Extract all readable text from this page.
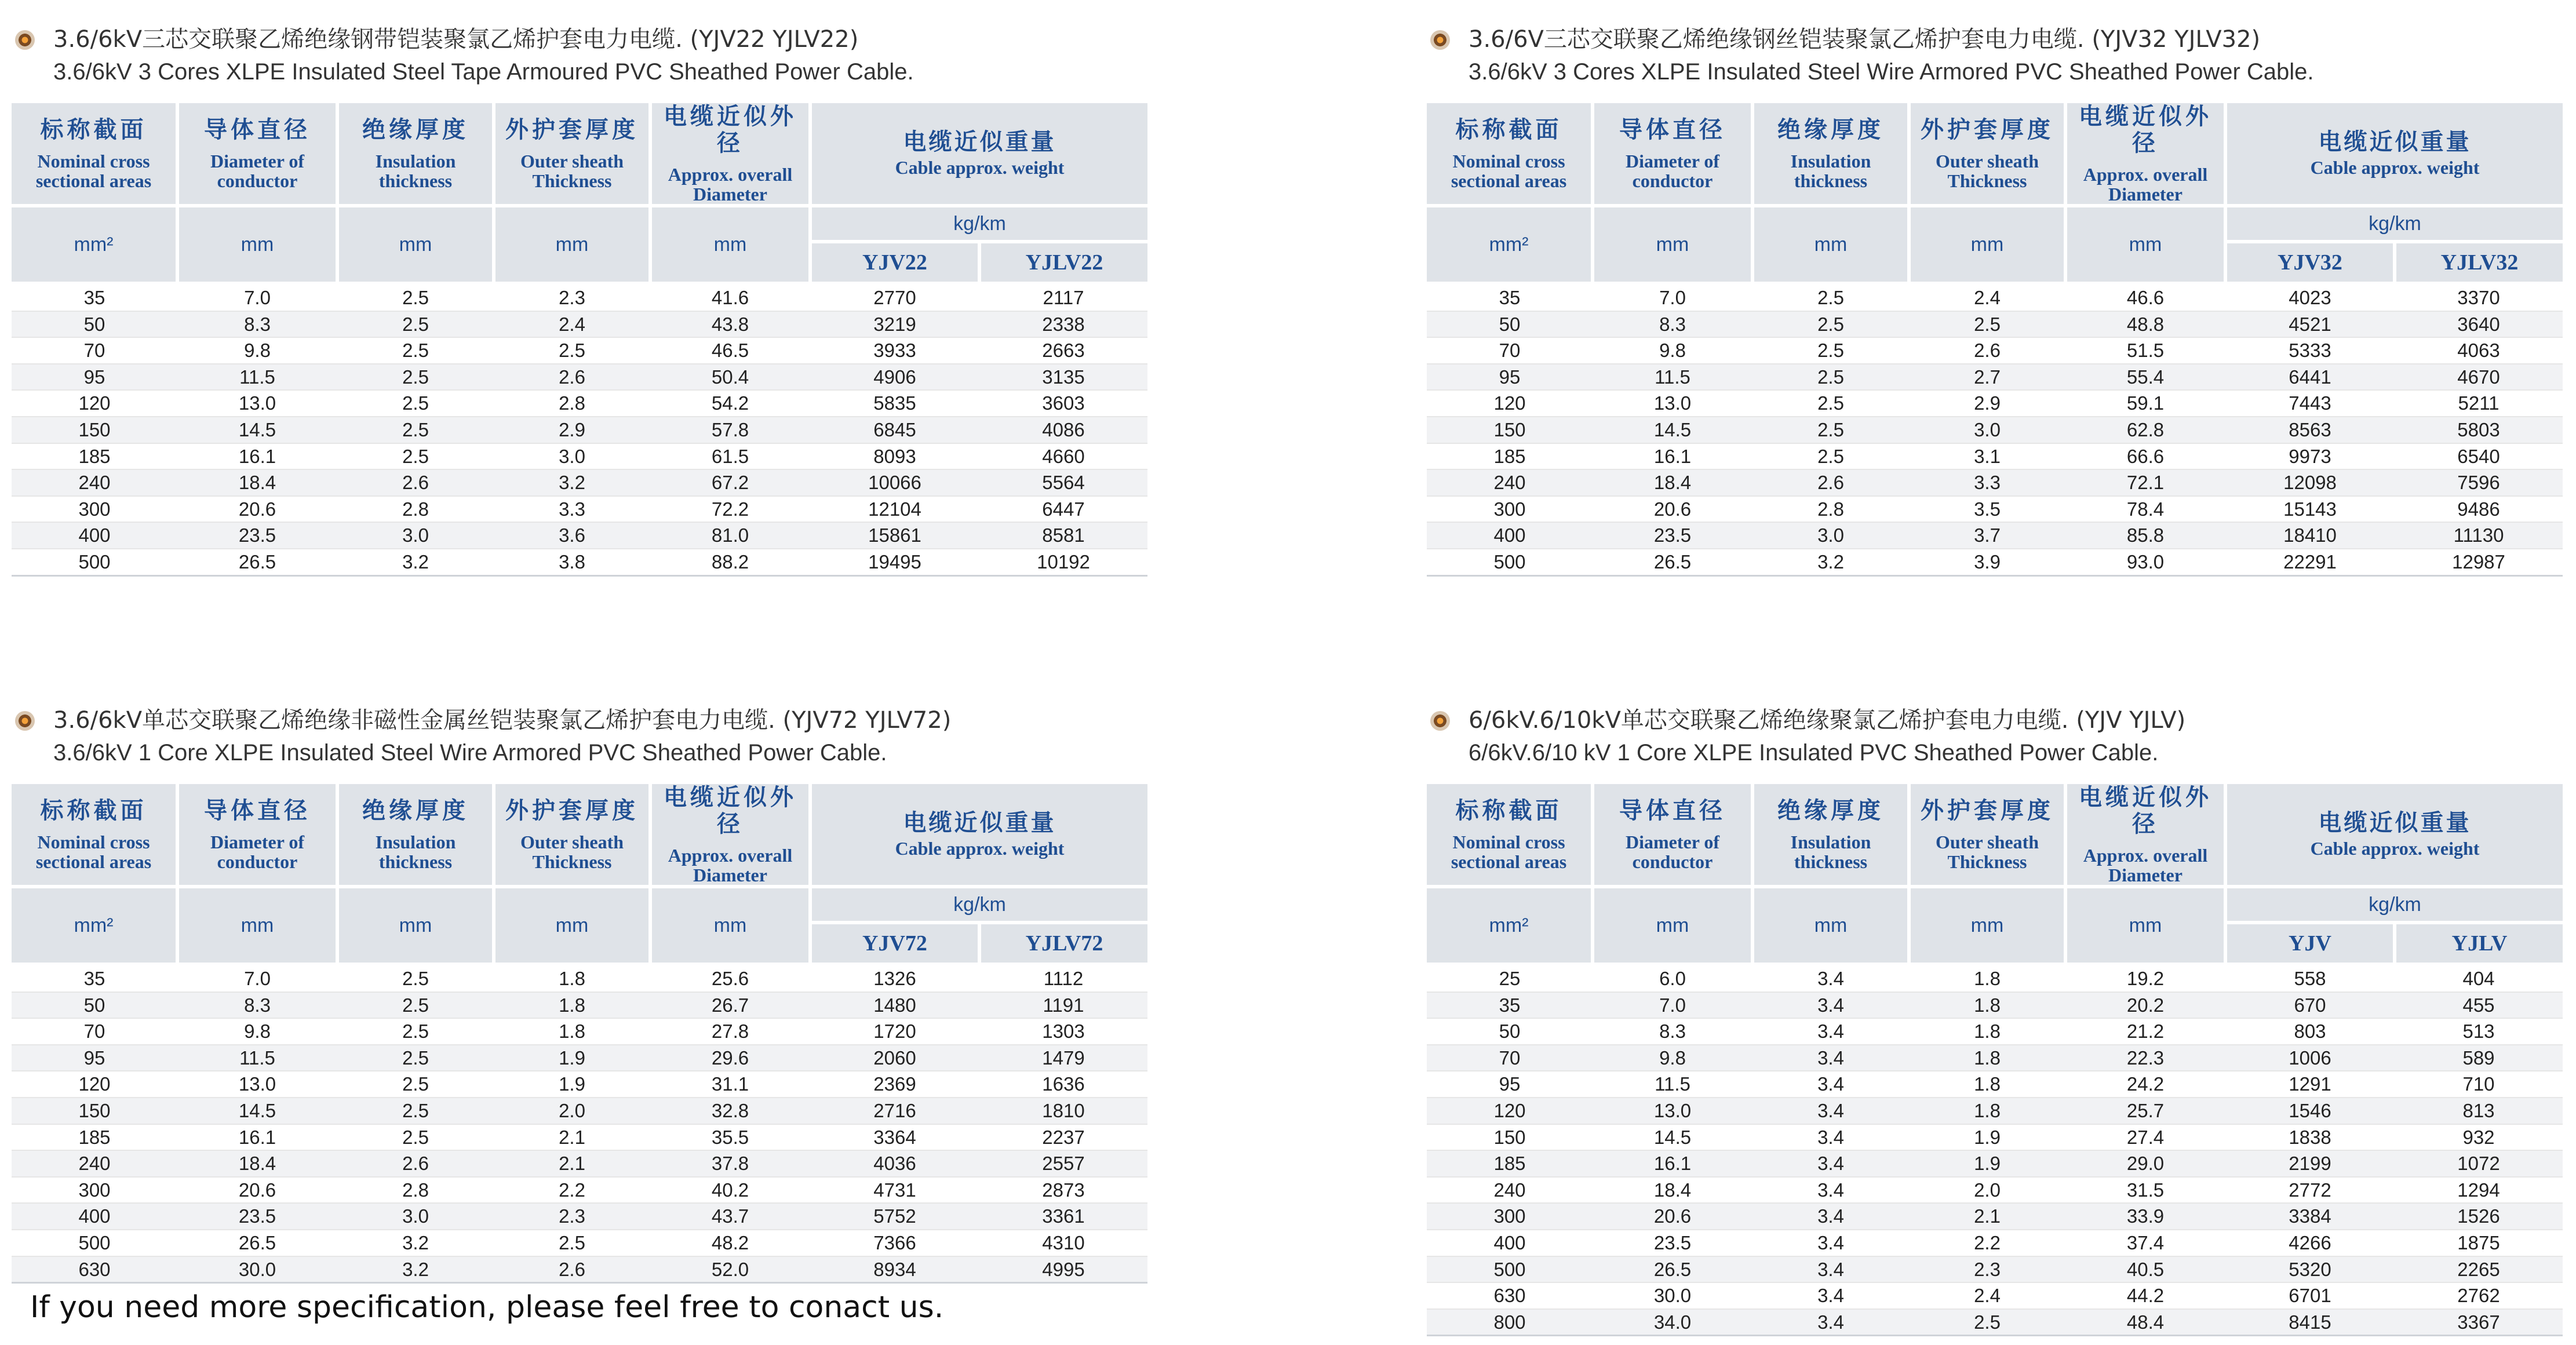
3.6/6kV三芯交联聚乙烯绝缘钢带铠装聚氯乙烯护套电力电缆. (YJV22 YJLV22)
3.6/6kV 3 Cores XLPE Insulated Steel Tape Armoured PVC Sheathed Power Cable.
标称截面
Nominal cross sectional areas	导体直径
Diameter of conductor	绝缘厚度
Insulation thickness	外护套厚度
Outer sheath Thickness	电缆近似外径
Approx. overall Diameter	电缆近似重量
Cable approx. weight	

mm²	mm	mm	mm	mm	kg/km	
					YJV22	YJLV22
35	7.0	2.5	2.3	41.6	2770	2117
50	8.3	2.5	2.4	43.8	3219	2338
70	9.8	2.5	2.5	46.5	3933	2663
95	11.5	2.5	2.6	50.4	4906	3135
120	13.0	2.5	2.8	54.2	5835	3603
150	14.5	2.5	2.9	57.8	6845	4086
185	16.1	2.5	3.0	61.5	8093	4660
240	18.4	2.6	3.2	67.2	10066	5564
300	20.6	2.8	3.3	72.2	12104	6447
400	23.5	3.0	3.6	81.0	15861	8581
500	26.5	3.2	3.8	88.2	19495	10192
3.6/6V三芯交联聚乙烯绝缘钢丝铠装聚氯乙烯护套电力电缆. (YJV32 YJLV32)
3.6/6kV 3 Cores XLPE Insulated Steel Wire Armored PVC Sheathed Power Cable.
标称截面
Nominal cross sectional areas	导体直径
Diameter of conductor	绝缘厚度
Insulation thickness	外护套厚度
Outer sheath Thickness	电缆近似外径
Approx. overall Diameter	电缆近似重量
Cable approx. weight	

mm²	mm	mm	mm	mm	kg/km	
					YJV32	YJLV32
35	7.0	2.5	2.4	46.6	4023	3370
50	8.3	2.5	2.5	48.8	4521	3640
70	9.8	2.5	2.6	51.5	5333	4063
95	11.5	2.5	2.7	55.4	6441	4670
120	13.0	2.5	2.9	59.1	7443	5211
150	14.5	2.5	3.0	62.8	8563	5803
185	16.1	2.5	3.1	66.6	9973	6540
240	18.4	2.6	3.3	72.1	12098	7596
300	20.6	2.8	3.5	78.4	15143	9486
400	23.5	3.0	3.7	85.8	18410	11130
500	26.5	3.2	3.9	93.0	22291	12987
3.6/6kV单芯交联聚乙烯绝缘非磁性金属丝铠装聚氯乙烯护套电力电缆. (YJV72 YJLV72)
3.6/6kV 1 Core XLPE Insulated Steel Wire Armored PVC Sheathed Power Cable.
标称截面
Nominal cross sectional areas	导体直径
Diameter of conductor	绝缘厚度
Insulation thickness	外护套厚度
Outer sheath Thickness	电缆近似外径
Approx. overall Diameter	电缆近似重量
Cable approx. weight	

mm²	mm	mm	mm	mm	kg/km	
					YJV72	YJLV72
35	7.0	2.5	1.8	25.6	1326	1112
50	8.3	2.5	1.8	26.7	1480	1191
70	9.8	2.5	1.8	27.8	1720	1303
95	11.5	2.5	1.9	29.6	2060	1479
120	13.0	2.5	1.9	31.1	2369	1636
150	14.5	2.5	2.0	32.8	2716	1810
185	16.1	2.5	2.1	35.5	3364	2237
240	18.4	2.6	2.1	37.8	4036	2557
300	20.6	2.8	2.2	40.2	4731	2873
400	23.5	3.0	2.3	43.7	5752	3361
500	26.5	3.2	2.5	48.2	7366	4310
630	30.0	3.2	2.6	52.0	8934	4995
6/6kV.6/10kV单芯交联聚乙烯绝缘聚氯乙烯护套电力电缆. (YJV YJLV)
6/6kV.6/10 kV 1 Core XLPE Insulated PVC Sheathed Power Cable.
标称截面
Nominal cross sectional areas	导体直径
Diameter of conductor	绝缘厚度
Insulation thickness	外护套厚度
Outer sheath Thickness	电缆近似外径
Approx. overall Diameter	电缆近似重量
Cable approx. weight	

mm²	mm	mm	mm	mm	kg/km	
					YJV	YJLV
25	6.0	3.4	1.8	19.2	558	404
35	7.0	3.4	1.8	20.2	670	455
50	8.3	3.4	1.8	21.2	803	513
70	9.8	3.4	1.8	22.3	1006	589
95	11.5	3.4	1.8	24.2	1291	710
120	13.0	3.4	1.8	25.7	1546	813
150	14.5	3.4	1.9	27.4	1838	932
185	16.1	3.4	1.9	29.0	2199	1072
240	18.4	3.4	2.0	31.5	2772	1294
300	20.6	3.4	2.1	33.9	3384	1526
400	23.5	3.4	2.2	37.4	4266	1875
500	26.5	3.4	2.3	40.5	5320	2265
630	30.0	3.4	2.4	44.2	6701	2762
800	34.0	3.4	2.5	48.4	8415	3367
If you need more specification, please feel free to conact us.
